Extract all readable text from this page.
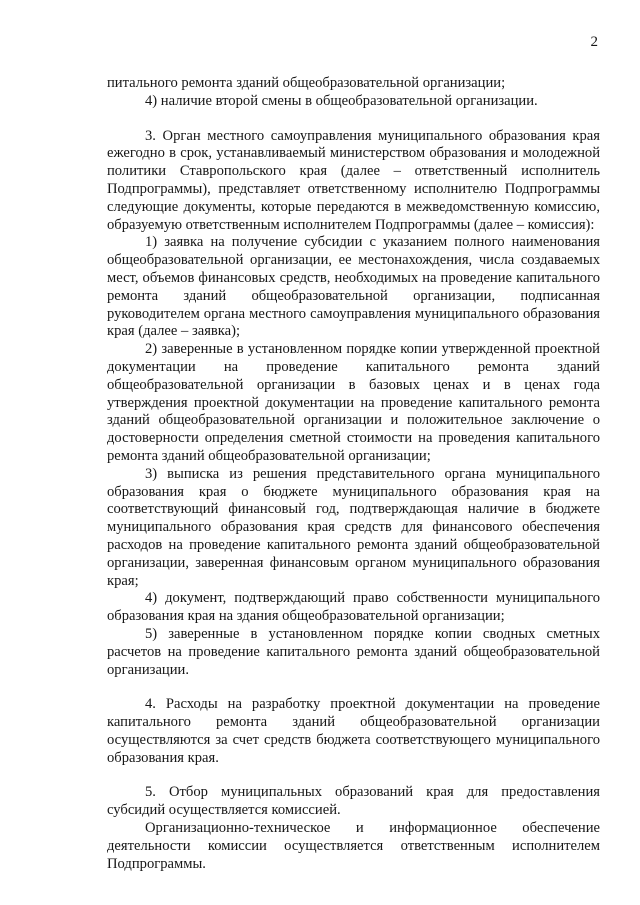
2

питального ремонта зданий общеобразовательной организации;

4) наличие второй смены в общеобразовательной организации.

3. Орган местного самоуправления муниципального образования края ежегодно в срок, устанавливаемый министерством образования и молодежной политики Ставропольского края (далее – ответственный исполнитель Подпрограммы), представляет ответственному исполнителю Подпрограммы следующие документы, которые передаются в межведомственную комиссию, образуемую ответственным исполнителем Подпрограммы (далее – комиссия):

1) заявка на получение субсидии с указанием полного наименования общеобразовательной организации, ее местонахождения, числа создаваемых мест, объемов финансовых средств, необходимых на проведение капитального ремонта зданий общеобразовательной организации, подписанная руководителем органа местного самоуправления муниципального образования края (далее – заявка);

2) заверенные в установленном порядке копии утвержденной проектной документации на проведение капитального ремонта зданий общеобразовательной организации в базовых ценах и в ценах года утверждения проектной документации на проведение капитального ремонта зданий общеобразовательной организации и положительное заключение о достоверности определения сметной стоимости на проведения капитального ремонта зданий общеобразовательной организации;

3) выписка из решения представительного органа муниципального образования края о бюджете муниципального образования края на соответствующий финансовый год, подтверждающая наличие в бюджете муниципального образования края средств для финансового обеспечения расходов на проведение капитального ремонта зданий общеобразовательной организации, заверенная финансовым органом муниципального образования края;

4) документ, подтверждающий право собственности муниципального образования края на здания общеобразовательной организации;

5) заверенные в установленном порядке копии сводных сметных расчетов на проведение капитального ремонта зданий общеобразовательной организации.

4. Расходы на разработку проектной документации на проведение капитального ремонта зданий общеобразовательной организации осуществляются за счет средств бюджета соответствующего муниципального образования края.

5. Отбор муниципальных образований края для предоставления субсидий осуществляется комиссией.

Организационно-техническое и информационное обеспечение деятельности комиссии осуществляется ответственным исполнителем Подпрограммы.
